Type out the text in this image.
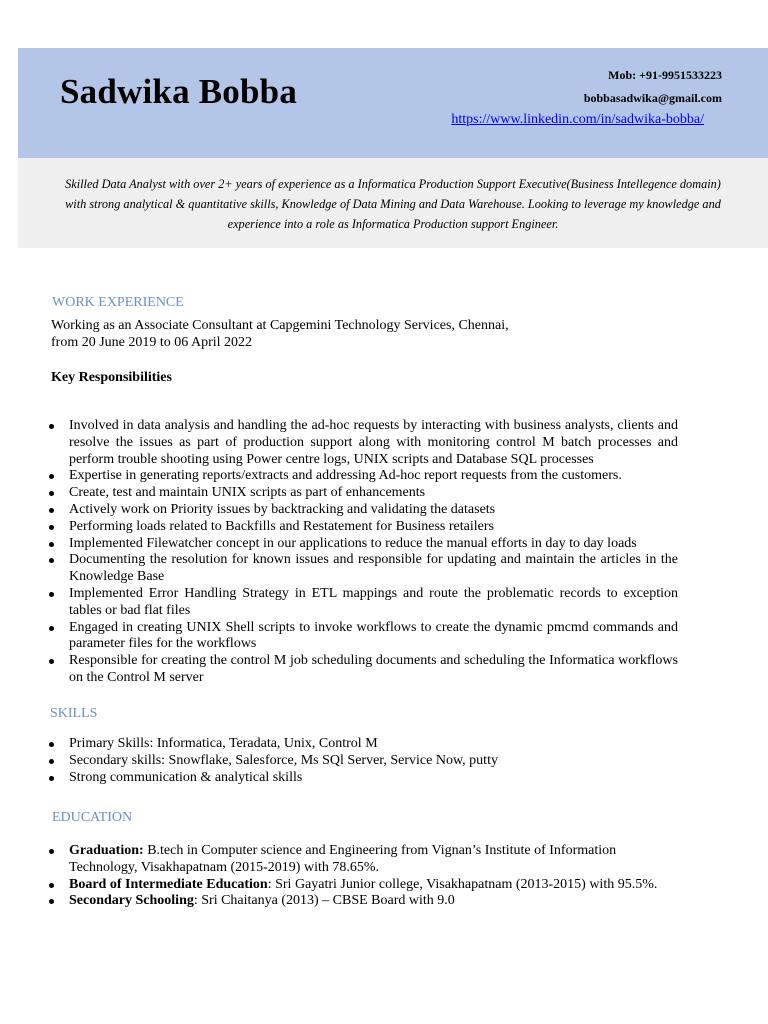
Sadwika Bobba	Mob: +91-9951533223
bobbasadwika@gmail.com
https://www.linkedin.com/in/sadwika-bobba/

Skilled Data Analyst with over 2+ years of experience as a Informatica Production Support Executive(Business Intellegence domain) with strong analytical & quantitative skills, Knowledge of Data Mining and Data Warehouse. Looking to leverage my knowledge and experience into a role as Informatica Production support Engineer.

WORK EXPERIENCE

Working as an Associate Consultant at Capgemini Technology Services, Chennai,

from 20 June 2019 to 06 April 2022

Key Responsibilities

Involved in data analysis and handling the ad-hoc requests by interacting with business analysts, clients and resolve the issues as part of production support along with monitoring control M batch processes and perform trouble shooting using Power centre logs, UNIX scripts and Database SQL processes
Expertise in generating reports/extracts and addressing Ad-hoc report requests from the customers.
Create, test and maintain UNIX scripts as part of enhancements
Actively work on Priority issues by backtracking and validating the datasets
Performing loads related to Backfills and Restatement for Business retailers
Implemented Filewatcher concept in our applications to reduce the manual efforts in day to day loads
Documenting the resolution for known issues and responsible for updating and maintain the articles in the Knowledge Base
Implemented Error Handling Strategy in ETL mappings and route the problematic records to exception tables or bad flat files
Engaged in creating UNIX Shell scripts to invoke workflows to create the dynamic pmcmd commands and parameter files for the workflows
Responsible for creating the control M job scheduling documents and scheduling the Informatica workflows on the Control M server
SKILLS
Primary Skills: Informatica, Teradata, Unix, Control M
Secondary skills: Snowflake, Salesforce, Ms SQl Server, Service Now, putty
Strong communication & analytical skills
EDUCATION
Graduation: B.tech in Computer science and Engineering from Vignan’s Institute of Information Technology, Visakhapatnam (2015-2019) with 78.65%.
Board of Intermediate Education: Sri Gayatri Junior college, Visakhapatnam (2013-2015) with 95.5%.
Secondary Schooling: Sri Chaitanya (2013) – CBSE Board with 9.0
